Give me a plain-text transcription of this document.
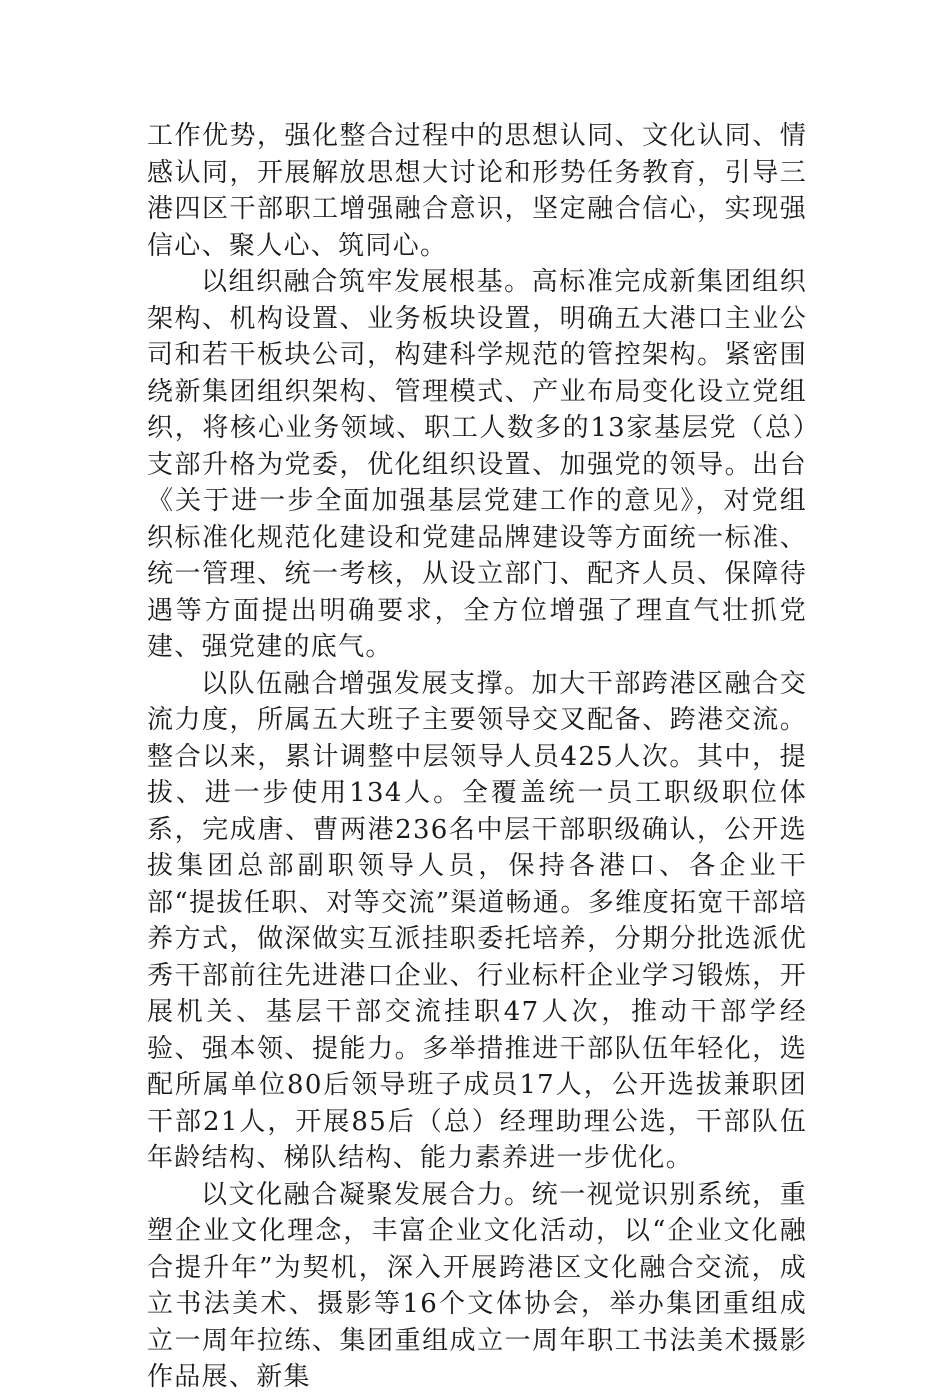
工作优势，强化整合过程中的思想认同、文化认同、情感认同，开展解放思想大讨论和形势任务教育，引导三港四区干部职工增强融合意识，坚定融合信心，实现强信心、聚人心、筑同心。

以组织融合筑牢发展根基。高标准完成新集团组织架构、机构设置、业务板块设置，明确五大港口主业公司和若干板块公司，构建科学规范的管控架构。紧密围绕新集团组织架构、管理模式、产业布局变化设立党组织，将核心业务领域、职工人数多的13家基层党（总）支部升格为党委，优化组织设置、加强党的领导。出台《关于进一步全面加强基层党建工作的意见》，对党组织标准化规范化建设和党建品牌建设等方面统一标准、统一管理、统一考核，从设立部门、配齐人员、保障待遇等方面提出明确要求，全方位增强了理直气壮抓党建、强党建的底气。

以队伍融合增强发展支撑。加大干部跨港区融合交流力度，所属五大班子主要领导交叉配备、跨港交流。整合以来，累计调整中层领导人员425人次。其中，提拔、进一步使用134人。全覆盖统一员工职级职位体系，完成唐、曹两港236名中层干部职级确认，公开选拔集团总部副职领导人员，保持各港口、各企业干部“提拔任职、对等交流”渠道畅通。多维度拓宽干部培养方式，做深做实互派挂职委托培养，分期分批选派优秀干部前往先进港口企业、行业标杆企业学习锻炼，开展机关、基层干部交流挂职47人次，推动干部学经验、强本领、提能力。多举措推进干部队伍年轻化，选配所属单位80后领导班子成员17人，公开选拔兼职团干部21人，开展85后（总）经理助理公选，干部队伍年龄结构、梯队结构、能力素养进一步优化。

以文化融合凝聚发展合力。统一视觉识别系统，重塑企业文化理念，丰富企业文化活动，以“企业文化融合提升年”为契机，深入开展跨港区文化融合交流，成立书法美术、摄影等16个文体协会，举办集团重组成立一周年拉练、集团重组成立一周年职工书法美术摄影作品展、新集
